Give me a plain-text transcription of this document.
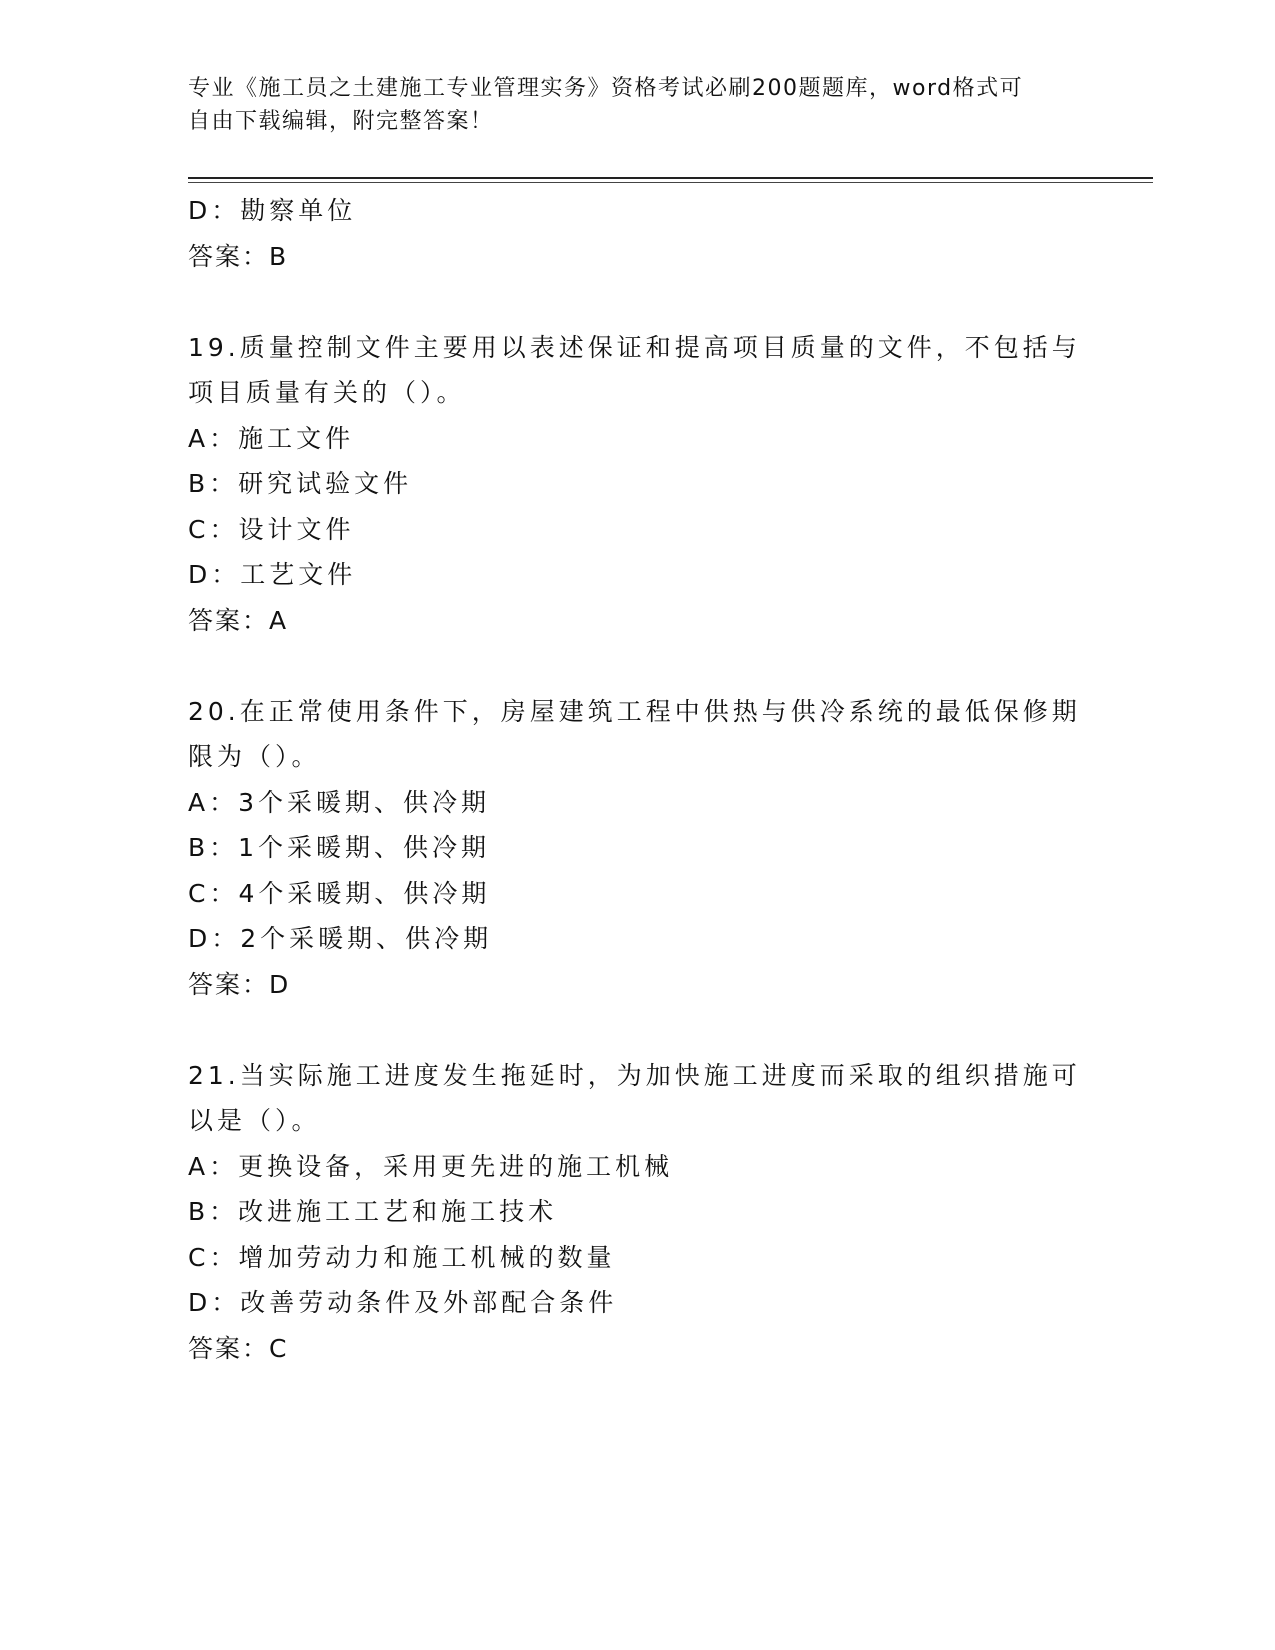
专业《施工员之土建施工专业管理实务》资格考试必刷200题题库，word格式可
自由下载编辑，附完整答案！
D：勘察单位
答案：B
19.质量控制文件主要用以表述保证和提高项目质量的文件，不包括与
项目质量有关的（）。
A：施工文件
B：研究试验文件
C：设计文件
D：工艺文件
答案：A
20.在正常使用条件下，房屋建筑工程中供热与供冷系统的最低保修期
限为（）。
A：3个采暖期、供冷期
B：1个采暖期、供冷期
C：4个采暖期、供冷期
D：2个采暖期、供冷期
答案：D
21.当实际施工进度发生拖延时，为加快施工进度而采取的组织措施可
以是（）。
A：更换设备，采用更先进的施工机械
B：改进施工工艺和施工技术
C：增加劳动力和施工机械的数量
D：改善劳动条件及外部配合条件
答案：C
